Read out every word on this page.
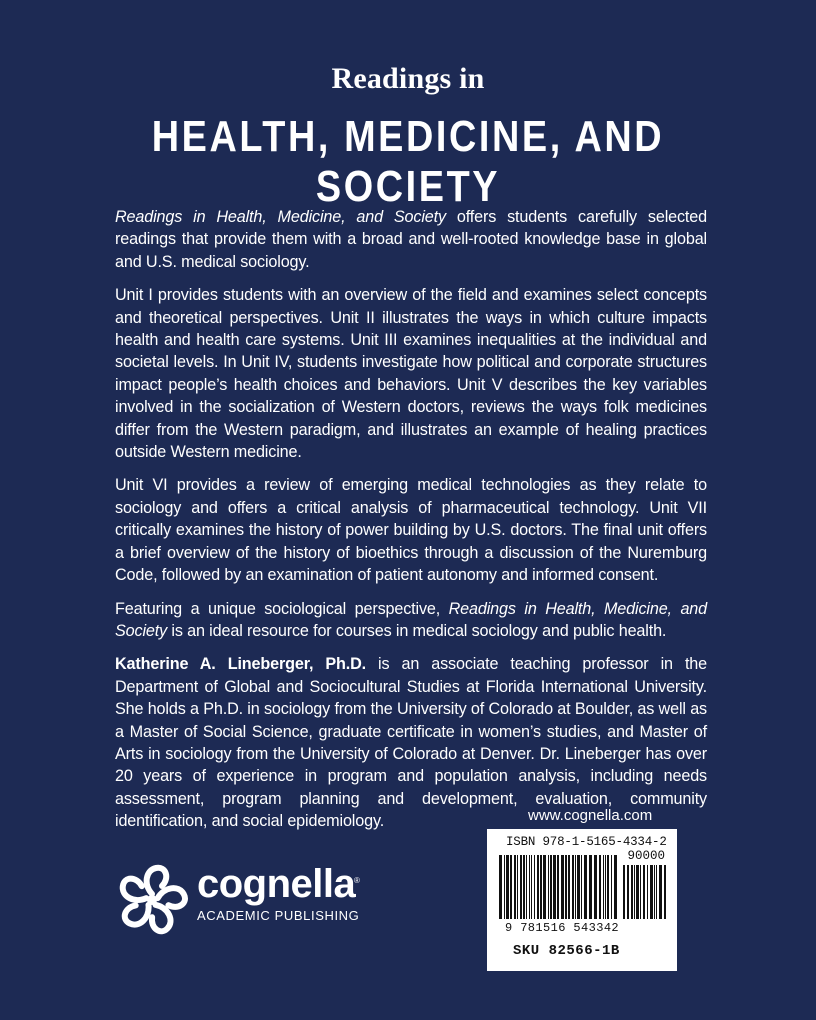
Readings in
HEALTH, MEDICINE, AND SOCIETY

Readings in Health, Medicine, and Society offers students carefully selected readings that provide them with a broad and well-rooted knowledge base in global and U.S. medical sociology.

Unit I provides students with an overview of the field and examines select concepts and theoretical perspectives. Unit II illustrates the ways in which culture impacts health and health care systems. Unit III examines inequalities at the individual and societal levels. In Unit IV, students investigate how political and corporate structures impact people’s health choices and behaviors. Unit V describes the key variables involved in the socialization of Western doctors, reviews the ways folk medicines differ from the Western paradigm, and illustrates an example of healing practices outside Western medicine.

Unit VI provides a review of emerging medical technologies as they relate to sociology and offers a critical analysis of pharmaceutical technology. Unit VII critically examines the history of power building by U.S. doctors. The final unit offers a brief overview of the history of bioethics through a discussion of the Nuremburg Code, followed by an examination of patient autonomy and informed consent.

Featuring a unique sociological perspective, Readings in Health, Medicine, and Society is an ideal resource for courses in medical sociology and public health.

Katherine A. Lineberger, Ph.D. is an associate teaching professor in the Department of Global and Sociocultural Studies at Florida International University. She holds a Ph.D. in sociology from the University of Colorado at Boulder, as well as a Master of Social Science, graduate certificate in women’s studies, and Master of Arts in sociology from the University of Colorado at Denver. Dr. Lineberger has over 20 years of experience in program and population analysis, including needs assessment, program planning and development, evaluation, community identification, and social epidemiology.	www.cognella.com
ISBN 978-1-5165-4334-2
90000
9 781516 543342
SKU 82566-1B
cognella
®
ACADEMIC PUBLISHING
